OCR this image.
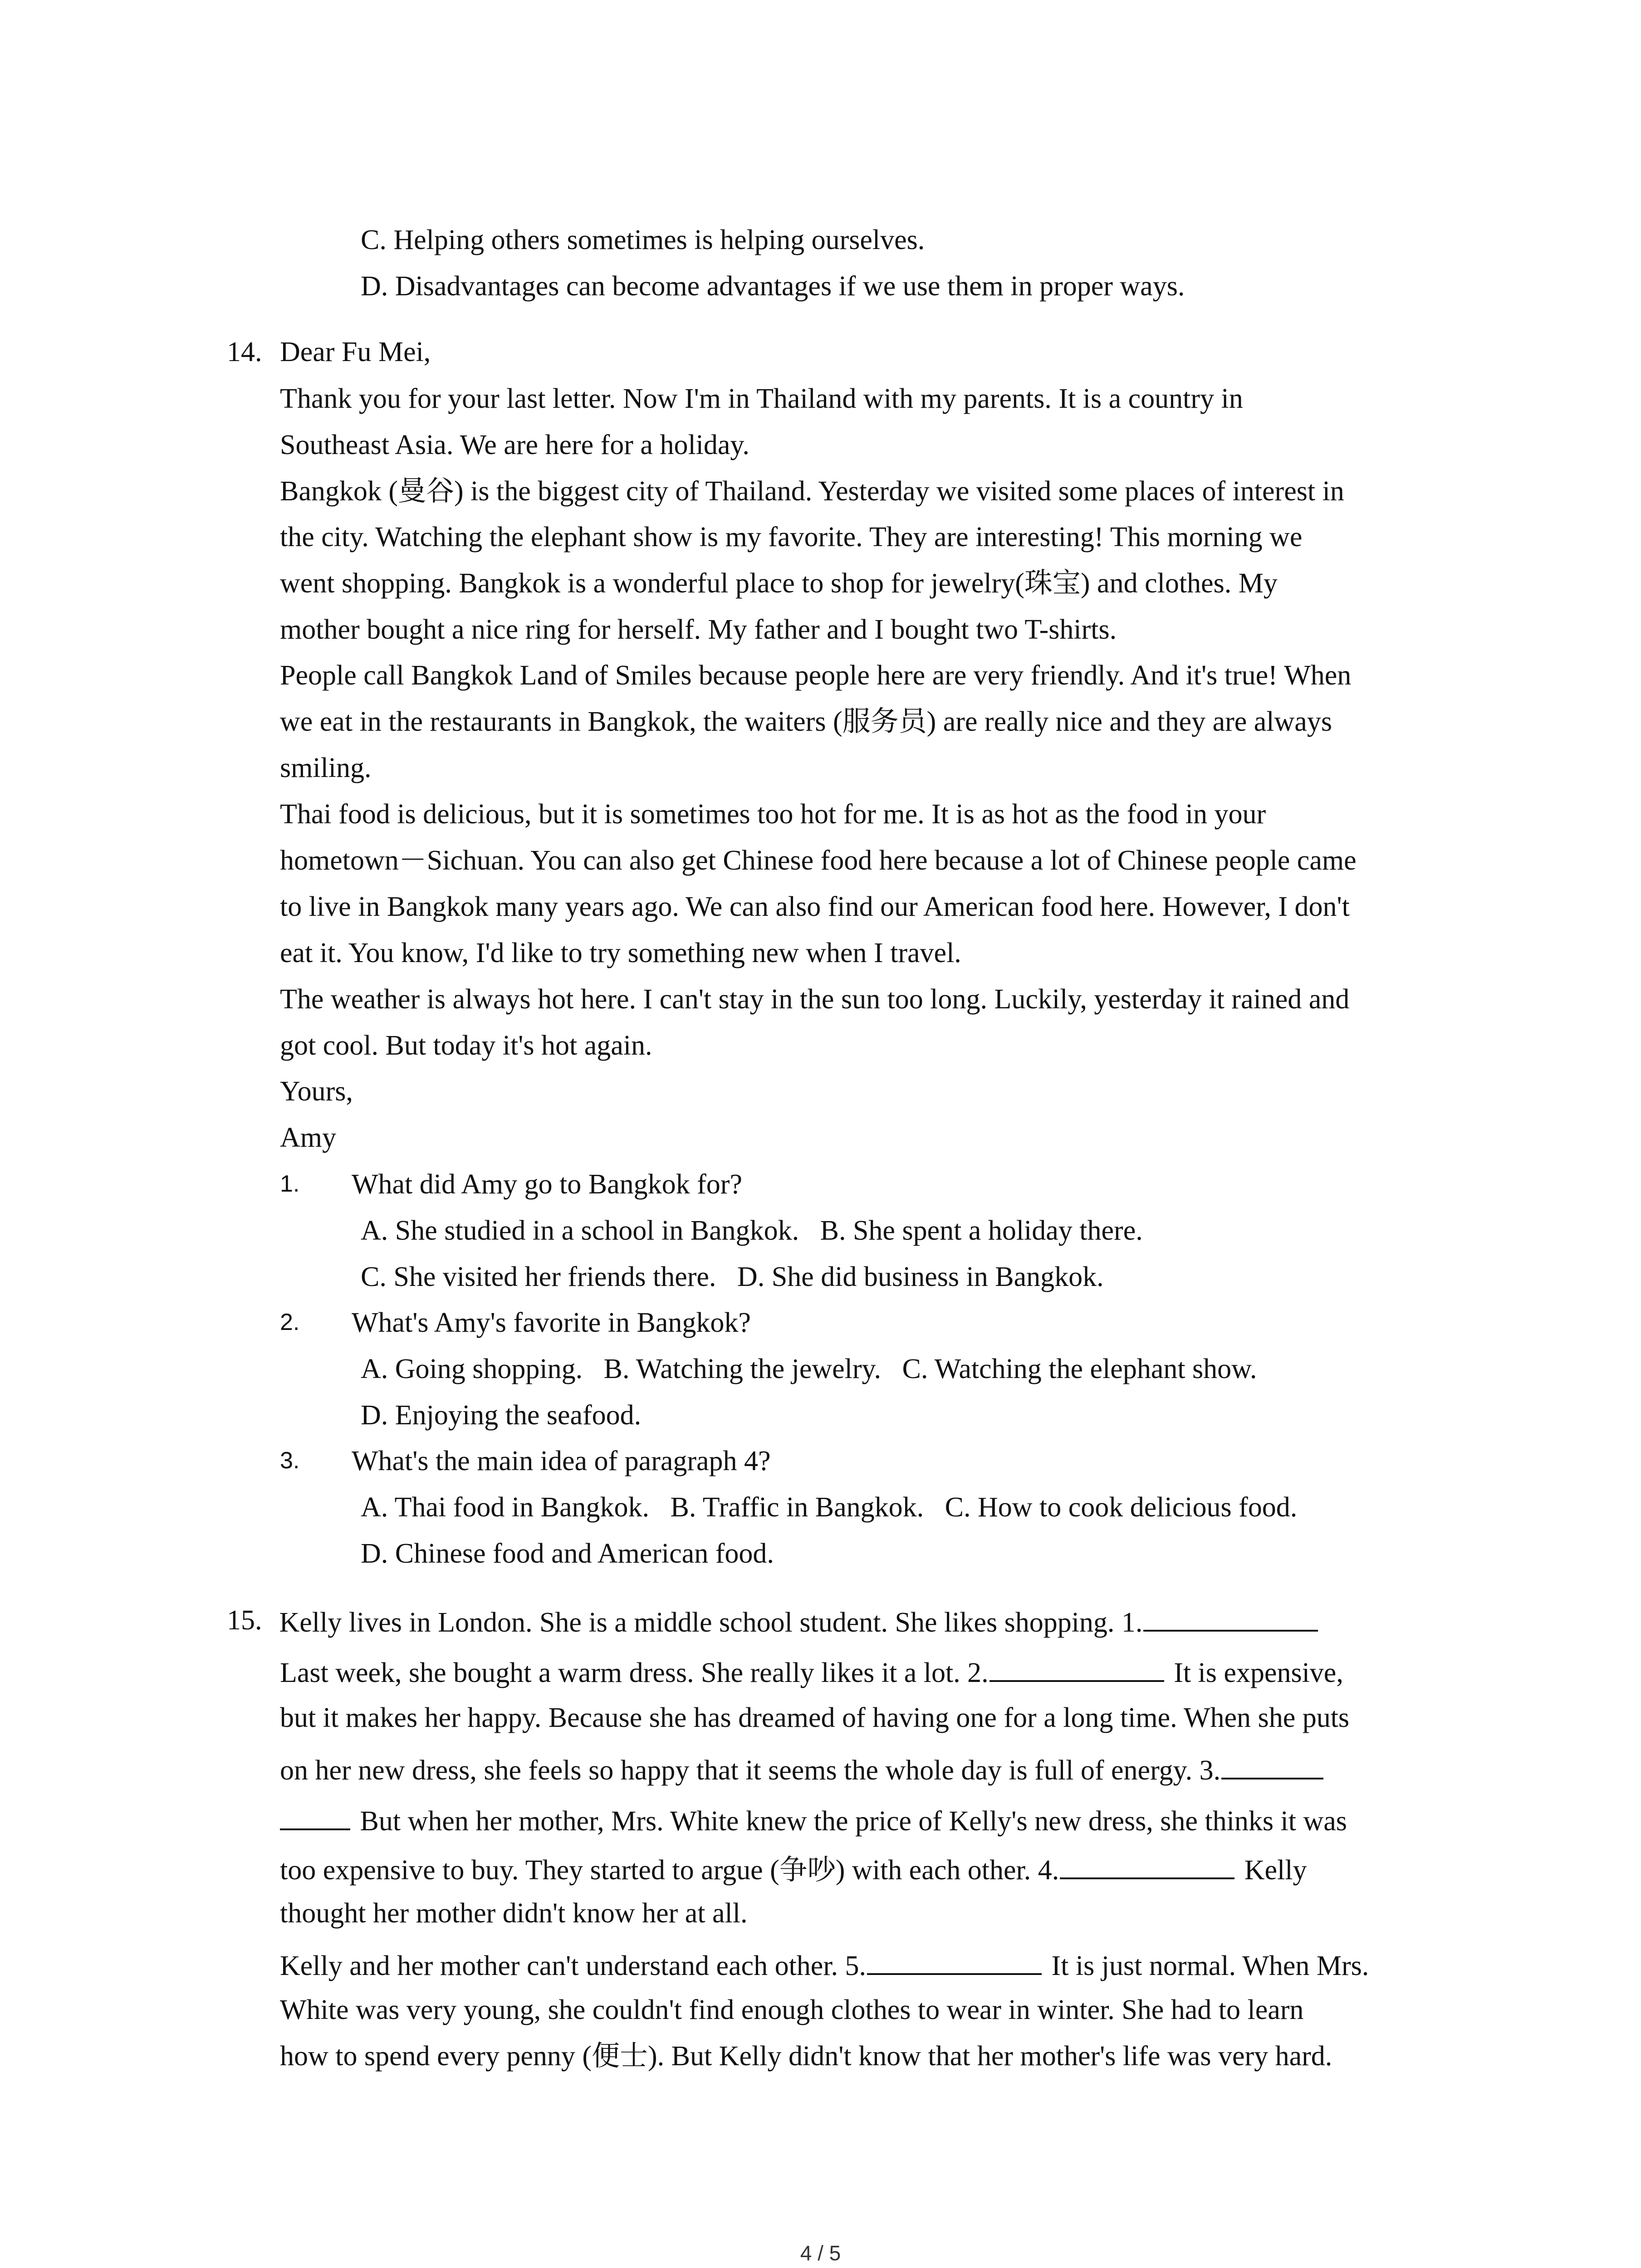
C. Helping others sometimes is helping ourselves.
D. Disadvantages can become advantages if we use them in proper ways.
14. Dear Fu Mei,
Thank you for your last letter. Now I'm in Thailand with my parents. It is a country in
Southeast Asia. We are here for a holiday.
Bangkok (曼谷) is the biggest city of Thailand. Yesterday we visited some places of interest in
the city. Watching the elephant show is my favorite. They are interesting! This morning we
went shopping. Bangkok is a wonderful place to shop for jewelry(珠宝) and clothes. My
mother bought a nice ring for herself. My father and I bought two T-shirts.
People call Bangkok Land of Smiles because people here are very friendly. And it's true! When
we eat in the restaurants in Bangkok, the waiters (服务员) are really nice and they are always
smiling.
Thai food is delicious, but it is sometimes too hot for me. It is as hot as the food in your
hometown－Sichuan. You can also get Chinese food here because a lot of Chinese people came
to live in Bangkok many years ago. We can also find our American food here. However, I don't
eat it. You know, I'd like to try something new when I travel.
The weather is always hot here. I can't stay in the sun too long. Luckily, yesterday it rained and
got cool. But today it's hot again.
Yours,
Amy
1. What did Amy go to Bangkok for?
A. She studied in a school in Bangkok.   B. She spent a holiday there.
C. She visited her friends there.   D. She did business in Bangkok.
2. What's Amy's favorite in Bangkok?
A. Going shopping.   B. Watching the jewelry.   C. Watching the elephant show.
D. Enjoying the seafood.
3. What's the main idea of paragraph 4?
A. Thai food in Bangkok.   B. Traffic in Bangkok.   C. How to cook delicious food.
D. Chinese food and American food.
15. Kelly lives in London. She is a middle school student. She likes shopping. 1.
Last week, she bought a warm dress. She really likes it a lot. 2.	It is expensive,
but it makes her happy. Because she has dreamed of having one for a long time. When she puts
on her new dress, she feels so happy that it seems the whole day is full of energy. 3.
But when her mother, Mrs. White knew the price of Kelly's new dress, she thinks it was
too expensive to buy. They started to argue (争吵) with each other. 4.	Kelly
thought her mother didn't know her at all.
Kelly and her mother can't understand each other. 5.	It is just normal. When Mrs.
White was very young, she couldn't find enough clothes to wear in winter. She had to learn
how to spend every penny (便士). But Kelly didn't know that her mother's life was very hard.
4 / 5
